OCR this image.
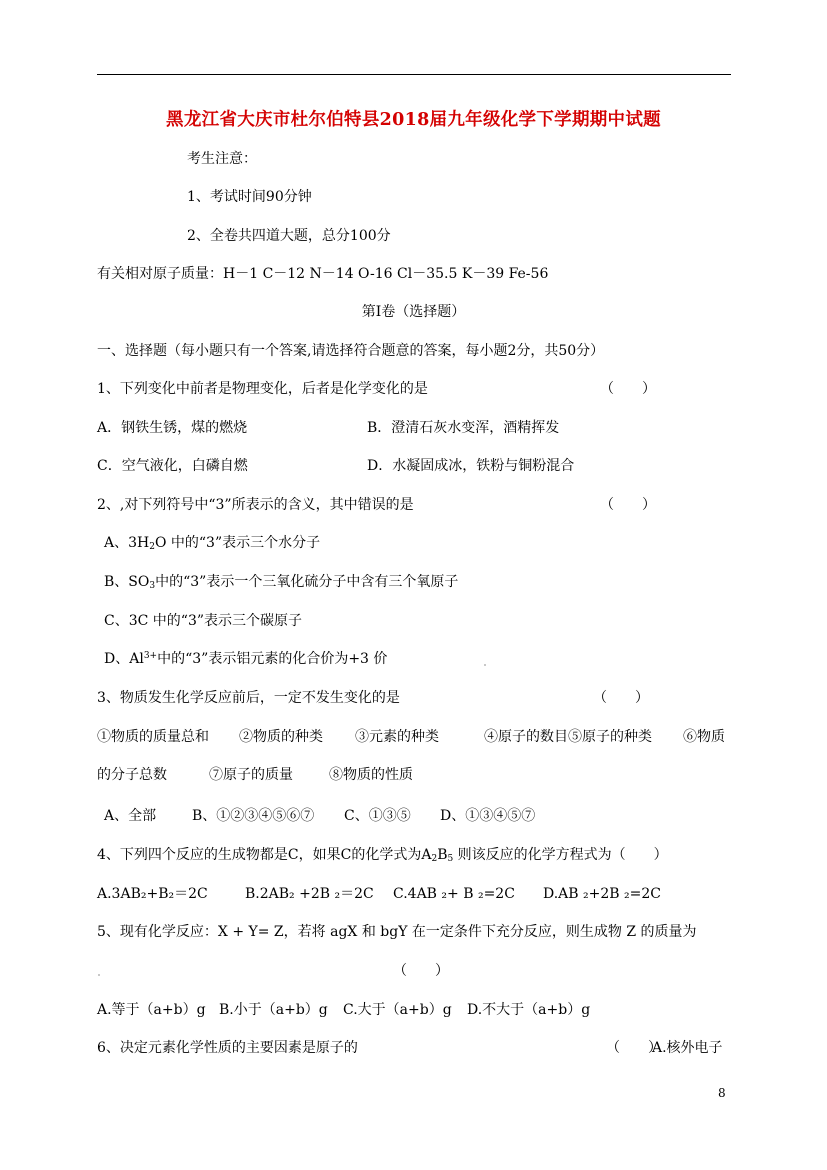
黑龙江省大庆市杜尔伯特县2018届九年级化学下学期期中试题
考生注意：
1、考试时间90分钟
2、全卷共四道大题，总分100分
有关相对原子质量：H－1 C－12 N－14 O-16 Cl－35.5 K－39 Fe-56
第Ⅰ卷（选择题）
一、选择题（每小题只有一个答案,请选择符合题意的答案，每小题2分，共50分）
1、下列变化中前者是物理变化，后者是化学变化的是	（　　）
A．钢铁生锈，煤的燃烧	B．澄清石灰水变浑，酒精挥发
C．空气液化，白磷自燃	D．水凝固成冰，铁粉与铜粉混合
2、,对下列符号中“3”所表示的含义，其中错误的是	（　　）
A、$3H_2O$ 中的“3”表示三个水分子
B、$SO_3$中的“3”表示一个三氧化硫分子中含有三个氧原子
C、3C 中的“3”表示三个碳原子
D、$Al^{3+}$中的“3”表示铝元素的化合价为+3 价
3、物质发生化学反应前后，一定不发生变化的是	（　　）
①物质的质量总和 ②物质的种类 ③元素的种类	④原子的数目⑤原子的种类 ⑥物质
的分子总数	⑦原子的质量	⑧物质的性质
A、全部	B、①②③④⑤⑥⑦ C、①③⑤ D、①③④⑤⑦
4、下列四个反应的生成物都是C，如果C的化学式为$A_2B_5$ 则该反应的化学方程式为（　　）
A.3AB₂+B₂＝2C	B.2AB₂ +2B ₂＝2C C.4AB ₂+ B ₂=2C D.AB ₂+2B ₂=2C
5、现有化学反应：X + Y= Z，若将 agX 和 bgY 在一定条件下充分反应，则生成物 Z 的质量为
（　　）
A.等于（a+b）g B.小于（a+b）g C.大于（a+b）g D.不大于（a+b）g
6、决定元素化学性质的主要因素是原子的	（　　）
A.核外电子
8
